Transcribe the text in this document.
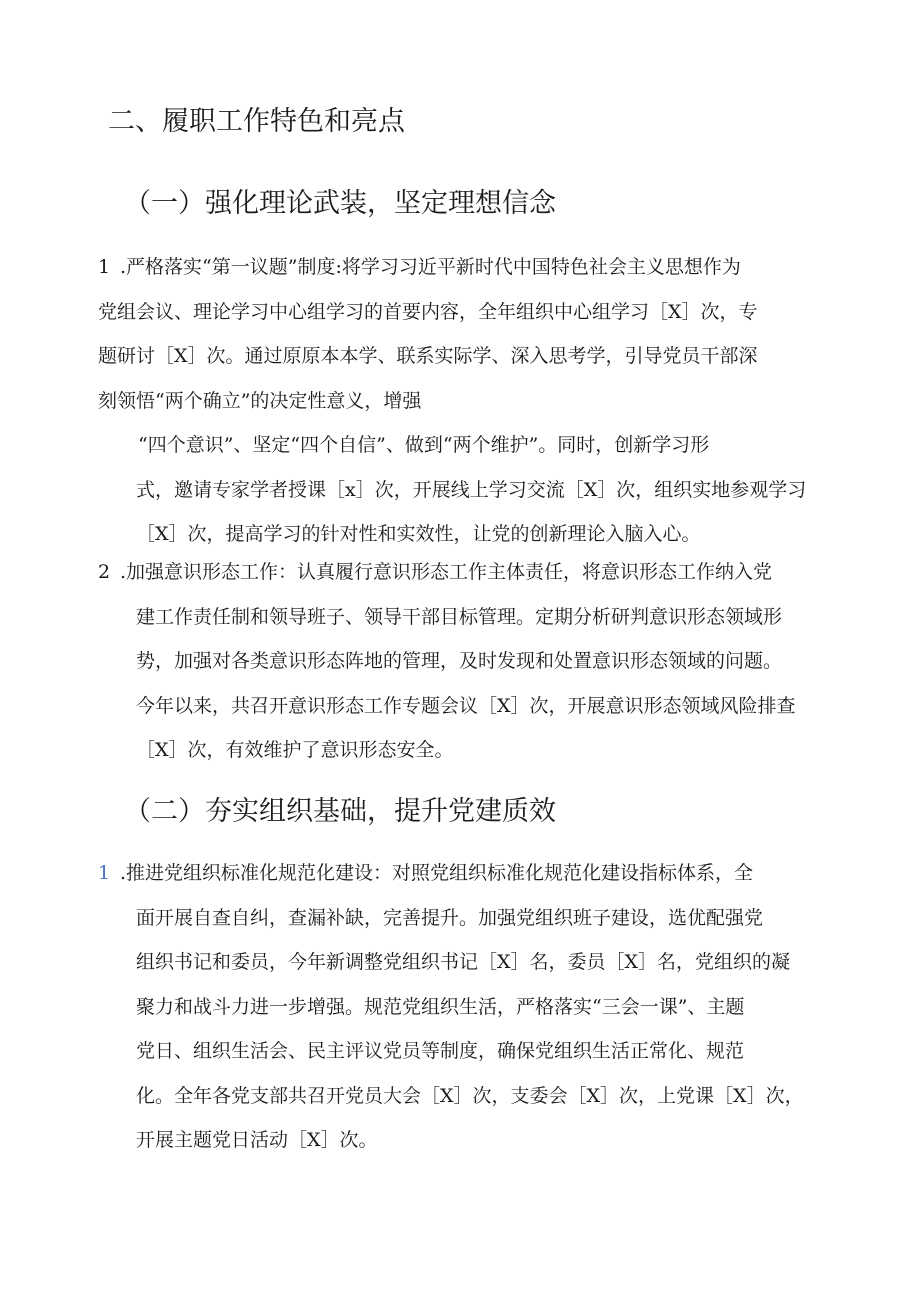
二、履职工作特色和亮点
（一）强化理论武装，坚定理想信念
1 .严格落实“第一议题”制度:将学习习近平新时代中国特色社会主义思想作为
党组会议、理论学习中心组学习的首要内容，全年组织中心组学习［X］次，专
题研讨［X］次。通过原原本本学、联系实际学、深入思考学，引导党员干部深
刻领悟“两个确立”的决定性意义，增强
“四个意识”、坚定“四个自信”、做到“两个维护”。同时，创新学习形
式，邀请专家学者授课［x］次，开展线上学习交流［X］次，组织实地参观学习
［X］次，提高学习的针对性和实效性，让党的创新理论入脑入心。
2 .加强意识形态工作：认真履行意识形态工作主体责任，将意识形态工作纳入党
建工作责任制和领导班子、领导干部目标管理。定期分析研判意识形态领域形
势，加强对各类意识形态阵地的管理，及时发现和处置意识形态领域的问题。
今年以来，共召开意识形态工作专题会议［X］次，开展意识形态领域风险排查
［X］次，有效维护了意识形态安全。
（二）夯实组织基础，提升党建质效
1 .推进党组织标准化规范化建设：对照党组织标准化规范化建设指标体系，全
面开展自查自纠，查漏补缺，完善提升。加强党组织班子建设，选优配强党
组织书记和委员，今年新调整党组织书记［X］名，委员［X］名，党组织的凝
聚力和战斗力进一步增强。规范党组织生活，严格落实“三会一课”、主题
党日、组织生活会、民主评议党员等制度，确保党组织生活正常化、规范
化。全年各党支部共召开党员大会［X］次，支委会［X］次，上党课［X］次，
开展主题党日活动［X］次。
